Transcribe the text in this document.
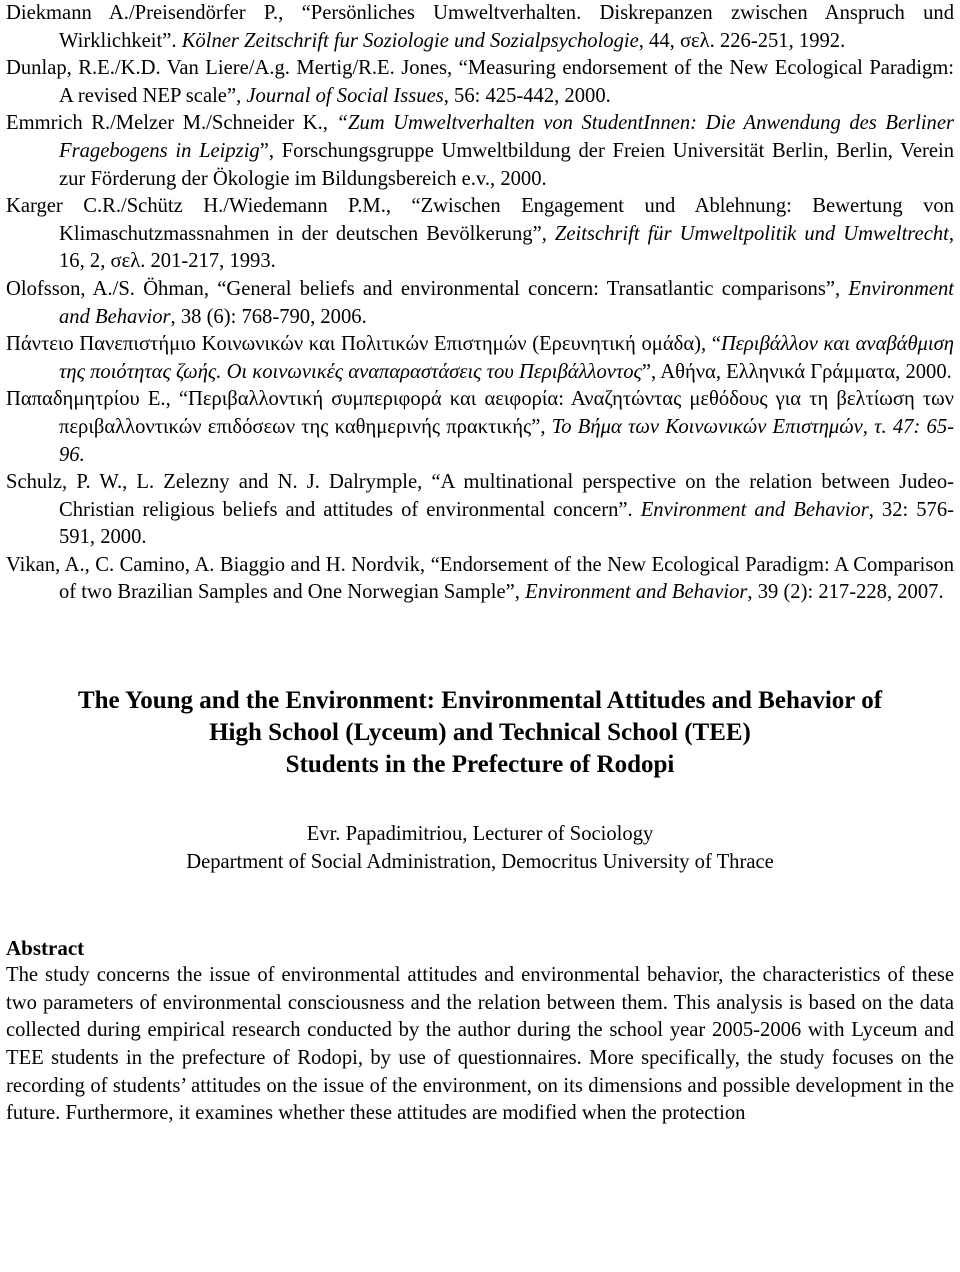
Diekmann A./Preisendörfer P., “Persönliches Umweltverhalten. Diskrepanzen zwischen Anspruch und Wirklichkeit”. Kölner Zeitschrift fur Soziologie und Sozialpsychologie, 44, σελ. 226-251, 1992.

Dunlap, R.E./K.D. Van Liere/A.g. Mertig/R.E. Jones, “Measuring endorsement of the New Ecological Paradigm: A revised NEP scale”, Journal of Social Issues, 56: 425-442, 2000.

Emmrich R./Melzer M./Schneider K., “Zum Umweltverhalten von StudentInnen: Die Anwendung des Berliner Fragebogens in Leipzig”, Forschungsgruppe Umweltbildung der Freien Universität Berlin, Berlin, Verein zur Förderung der Ökologie im Bildungsbereich e.v., 2000.

Karger C.R./Schütz H./Wiedemann P.M., “Zwischen Engagement und Ablehnung: Bewertung von Klimaschutzmassnahmen in der deutschen Bevölkerung”, Zeitschrift für Umweltpolitik und Umweltrecht, 16, 2, σελ. 201-217, 1993.

Olofsson, A./S. Öhman, “General beliefs and environmental concern: Transatlantic comparisons”, Environment and Behavior, 38 (6): 768-790, 2006.

Πάντειο Πανεπιστήμιο Κοινωνικών και Πολιτικών Επιστημών (Ερευνητική ομάδα), “Περιβάλλον και αναβάθμιση της ποιότητας ζωής. Οι κοινωνικές αναπαραστάσεις του Περιβάλλοντος”, Αθήνα, Ελληνικά Γράμματα, 2000.

Παπαδημητρίου Ε., “Περιβαλλοντική συμπεριφορά και αειφορία: Αναζητώντας μεθόδους για τη βελτίωση των περιβαλλοντικών επιδόσεων της καθημερινής πρακτικής”, Το Βήμα των Κοινωνικών Επιστημών, τ. 47: 65-96.

Schulz, P. W., L. Zelezny and N. J. Dalrymple, “A multinational perspective on the relation between Judeo-Christian religious beliefs and attitudes of environmental concern”. Environment and Behavior, 32: 576-591, 2000.

Vikan, A., C. Camino, A. Biaggio and H. Nordvik, “Endorsement of the New Ecological Paradigm: A Comparison of two Brazilian Samples and One Norwegian Sample”, Environment and Behavior, 39 (2): 217-228, 2007.

The Young and the Environment: Environmental Attitudes and Behavior of
High School (Lyceum) and Technical School (TEE)
Students in the Prefecture of Rodopi
Evr. Papadimitriou, Lecturer of Sociology
Department of Social Administration, Democritus University of Thrace
Abstract

The study concerns the issue of environmental attitudes and environmental behavior, the characteristics of these two parameters of environmental consciousness and the relation between them. This analysis is based on the data collected during empirical research conducted by the author during the school year 2005-2006 with Lyceum and TEE students in the prefecture of Rodopi, by use of questionnaires. More specifically, the study focuses on the recording of students’ attitudes on the issue of the environment, on its dimensions and possible development in the future. Furthermore, it examines whether these attitudes are modified when the protection
